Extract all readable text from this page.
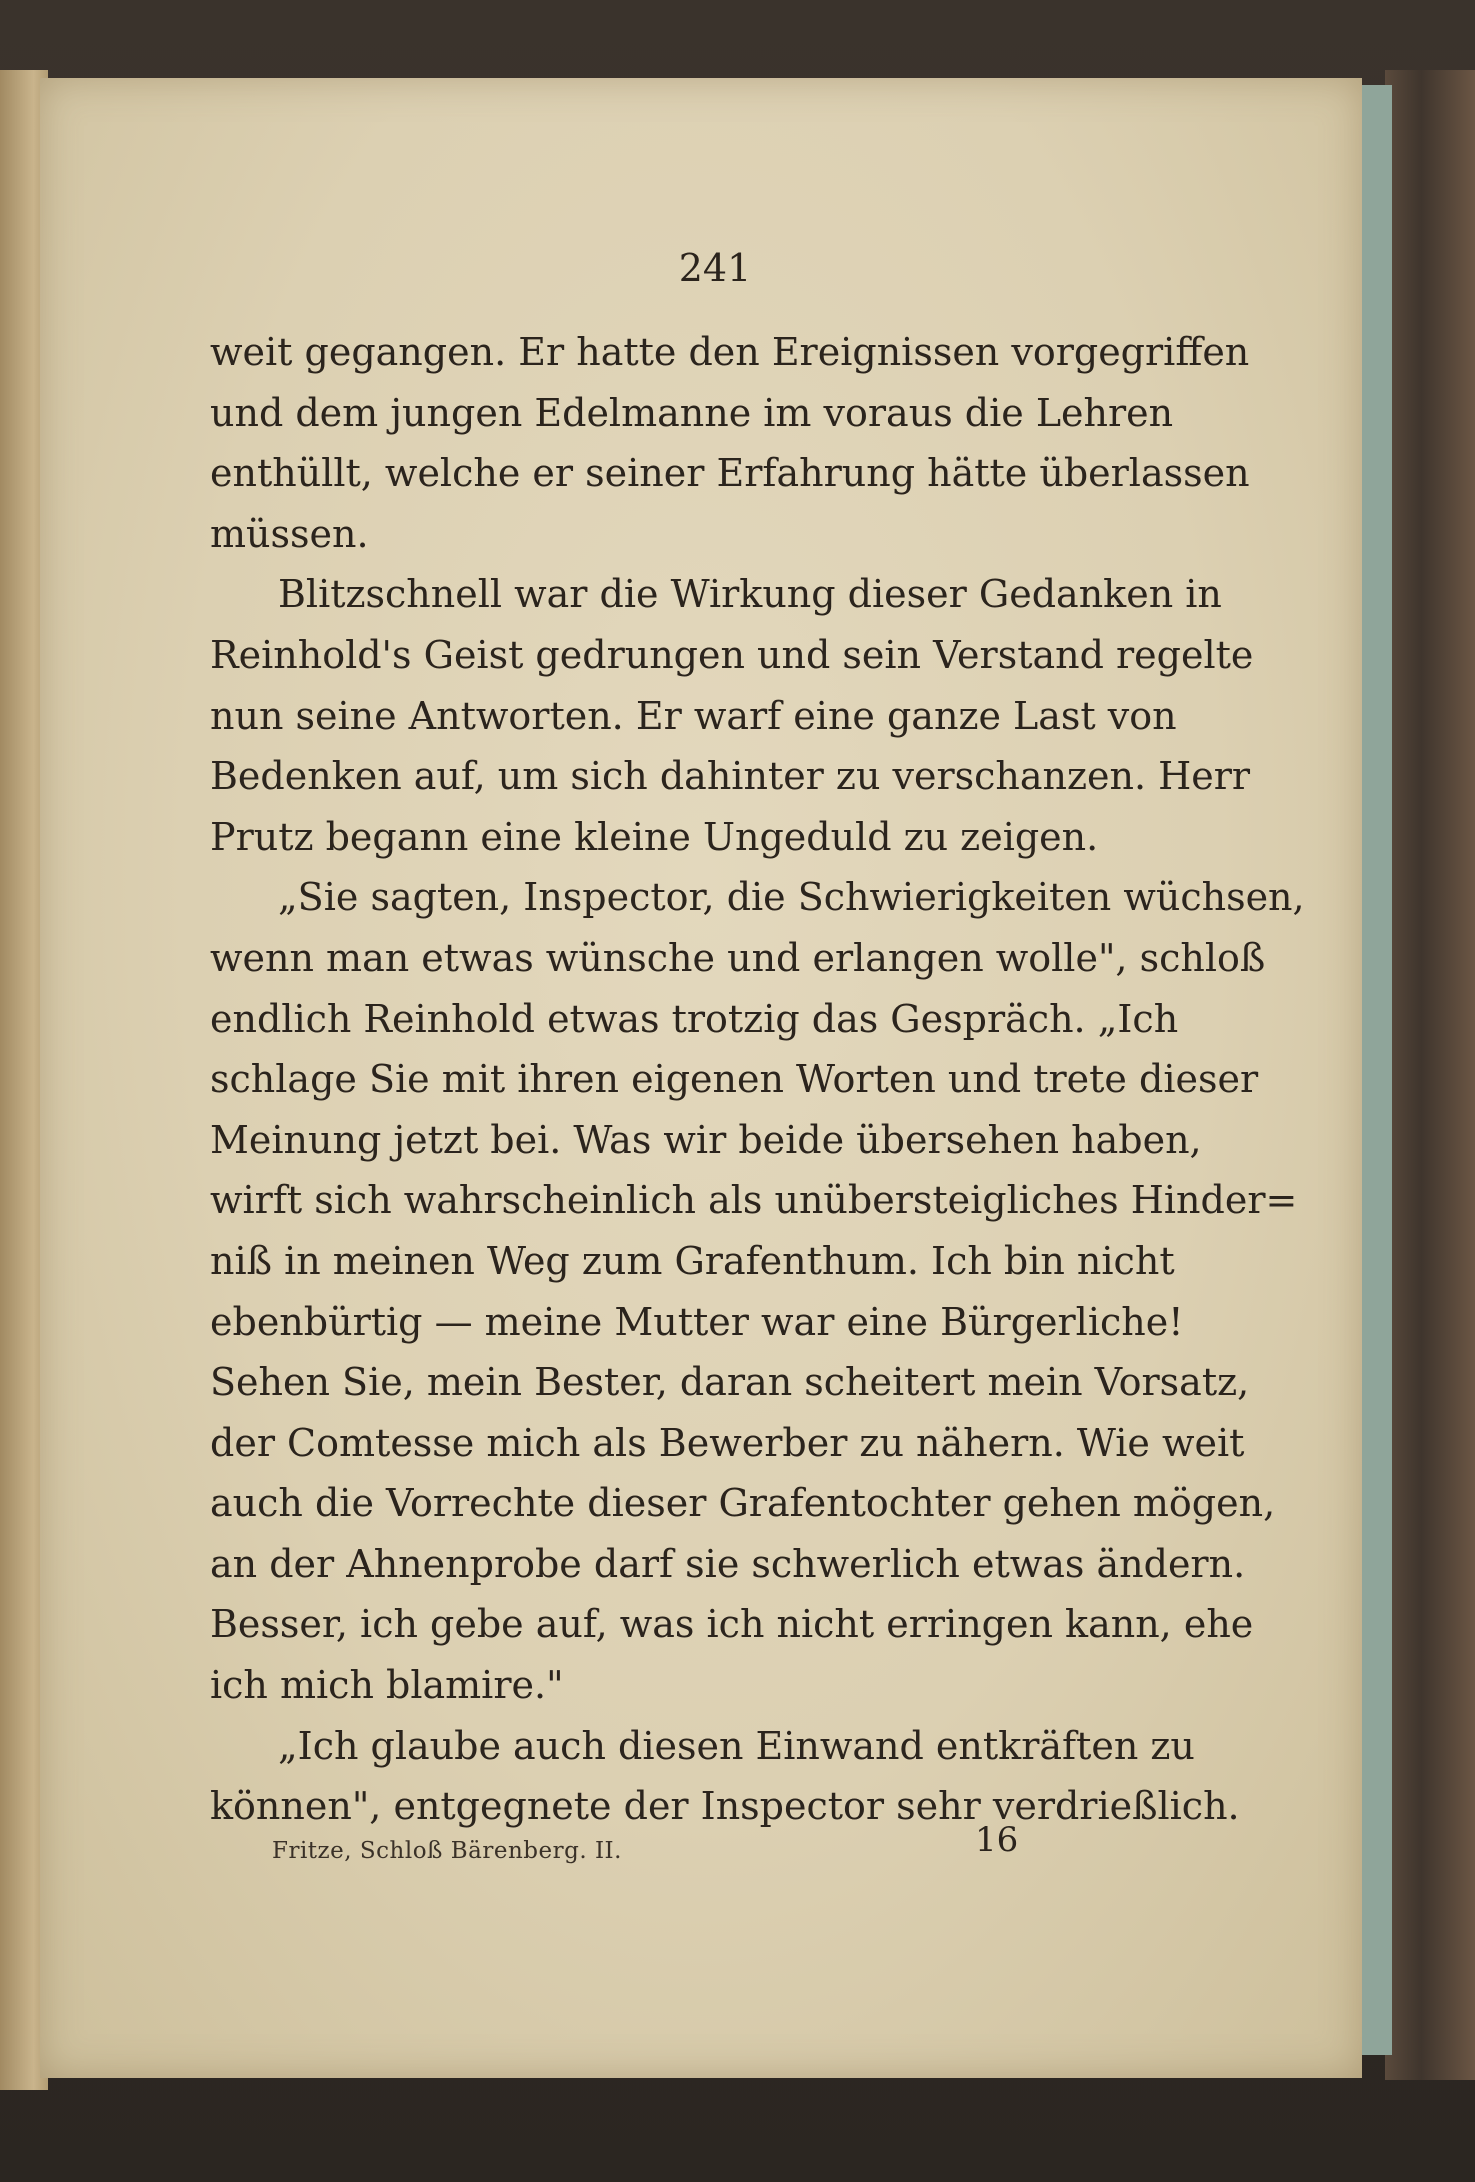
241
weit gegangen. Er hatte den Ereignissen vorgegriffen
und dem jungen Edelmanne im voraus die Lehren
enthüllt, welche er seiner Erfahrung hätte überlassen
müssen.
Blitzschnell war die Wirkung dieser Gedanken in
Reinhold's Geist gedrungen und sein Verstand regelte
nun seine Antworten. Er warf eine ganze Last von
Bedenken auf, um sich dahinter zu verschanzen. Herr
Prutz begann eine kleine Ungeduld zu zeigen.
„Sie sagten, Inspector, die Schwierigkeiten wüchsen,
wenn man etwas wünsche und erlangen wolle", schloß
endlich Reinhold etwas trotzig das Gespräch. „Ich
schlage Sie mit ihren eigenen Worten und trete dieser
Meinung jetzt bei. Was wir beide übersehen haben,
wirft sich wahrscheinlich als unübersteigliches Hinder=
niß in meinen Weg zum Grafenthum. Ich bin nicht
ebenbürtig — meine Mutter war eine Bürgerliche!
Sehen Sie, mein Bester, daran scheitert mein Vorsatz,
der Comtesse mich als Bewerber zu nähern. Wie weit
auch die Vorrechte dieser Grafentochter gehen mögen,
an der Ahnenprobe darf sie schwerlich etwas ändern.
Besser, ich gebe auf, was ich nicht erringen kann, ehe
ich mich blamire."
„Ich glaube auch diesen Einwand entkräften zu
können", entgegnete der Inspector sehr verdrießlich.
Fritze, Schloß Bärenberg. II.	16
